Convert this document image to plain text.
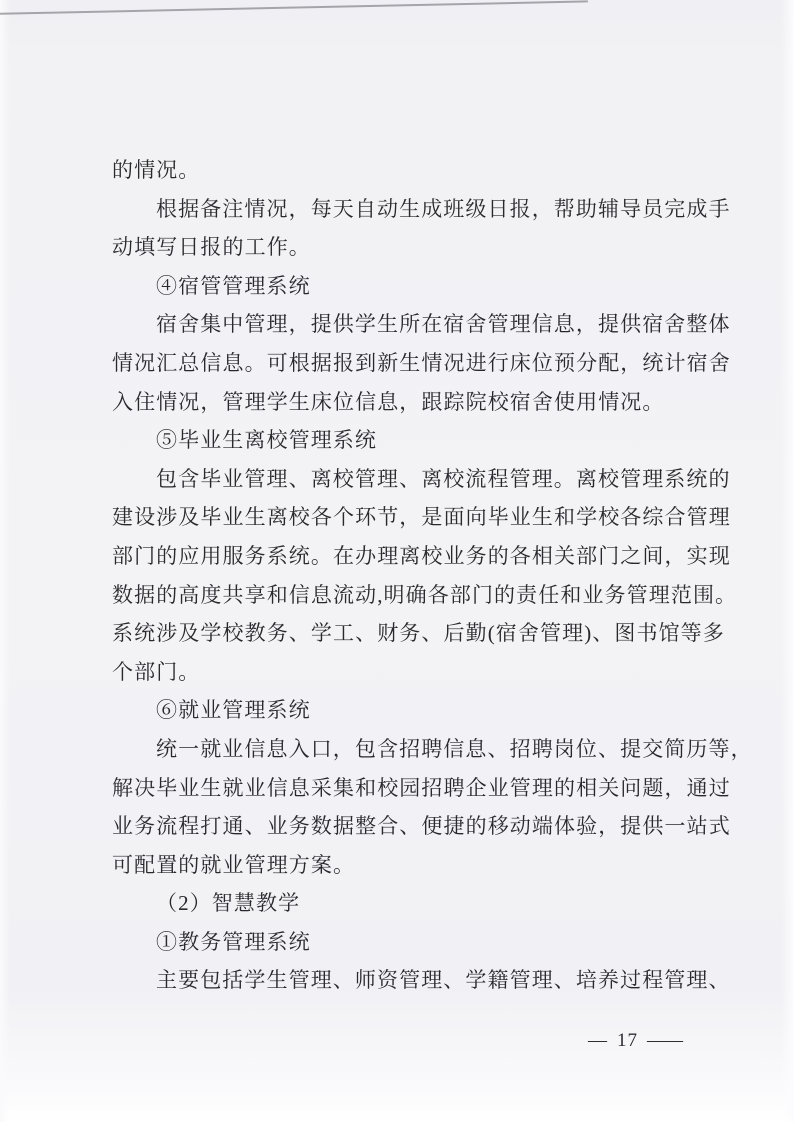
的情况。
根据备注情况，每天自动生成班级日报，帮助辅导员完成手
动填写日报的工作。
④宿管管理系统
宿舍集中管理，提供学生所在宿舍管理信息，提供宿舍整体
情况汇总信息。可根据报到新生情况进行床位预分配，统计宿舍
入住情况，管理学生床位信息，跟踪院校宿舍使用情况。
⑤毕业生离校管理系统
包含毕业管理、离校管理、离校流程管理。离校管理系统的
建设涉及毕业生离校各个环节，是面向毕业生和学校各综合管理
部门的应用服务系统。在办理离校业务的各相关部门之间，实现
数据的高度共享和信息流动,明确各部门的责任和业务管理范围。
系统涉及学校教务、学工、财务、后勤(宿舍管理)、图书馆等多
个部门。
⑥就业管理系统
统一就业信息入口，包含招聘信息、招聘岗位、提交简历等，
解决毕业生就业信息采集和校园招聘企业管理的相关问题，通过
业务流程打通、业务数据整合、便捷的移动端体验，提供一站式
可配置的就业管理方案。
（2）智慧教学
①教务管理系统
主要包括学生管理、师资管理、学籍管理、培养过程管理、
— 17 ——
